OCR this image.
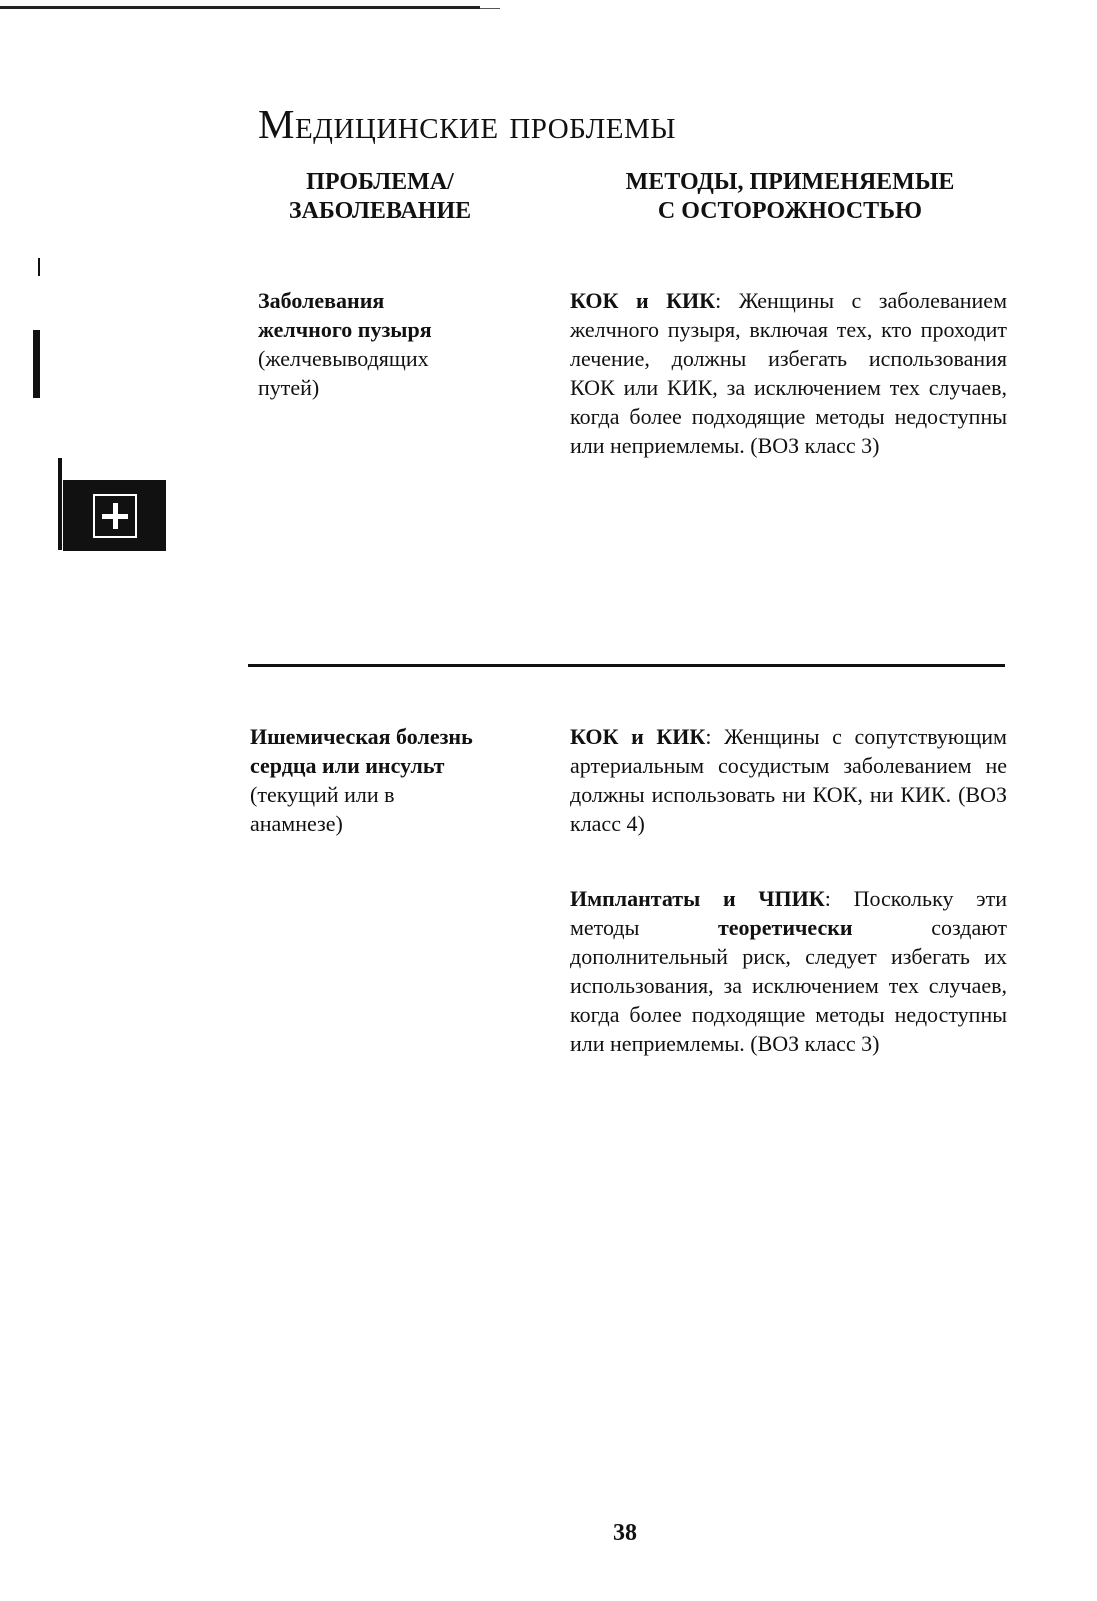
Медицинские проблемы
ПРОБЛЕМА/
ЗАБОЛЕВАНИЕ
МЕТОДЫ, ПРИМЕНЯЕМЫЕ
С ОСТОРОЖНОСТЬЮ
Заболевания
желчного пузыря
(желчевыводящих
путей)

КОК и КИК: Женщины с заболеванием желчного пузыря, включая тех, кто проходит лечение, должны избегать использования КОК или КИК, за исключением тех случаев, когда более подходящие методы недоступны или неприемлемы. (ВОЗ класс 3)

Ишемическая болезнь
сердца или инсульт
(текущий или в
анамнезе)

КОК и КИК: Женщины с сопутствующим артериальным сосудистым заболеванием не должны использовать ни КОК, ни КИК. (ВОЗ класс 4)

Имплантаты и ЧПИК: Поскольку эти методы теоретически создают дополнительный риск, следует избегать их использования, за исключением тех случаев, когда более подходящие методы недоступны или неприемлемы. (ВОЗ класс 3)

38
